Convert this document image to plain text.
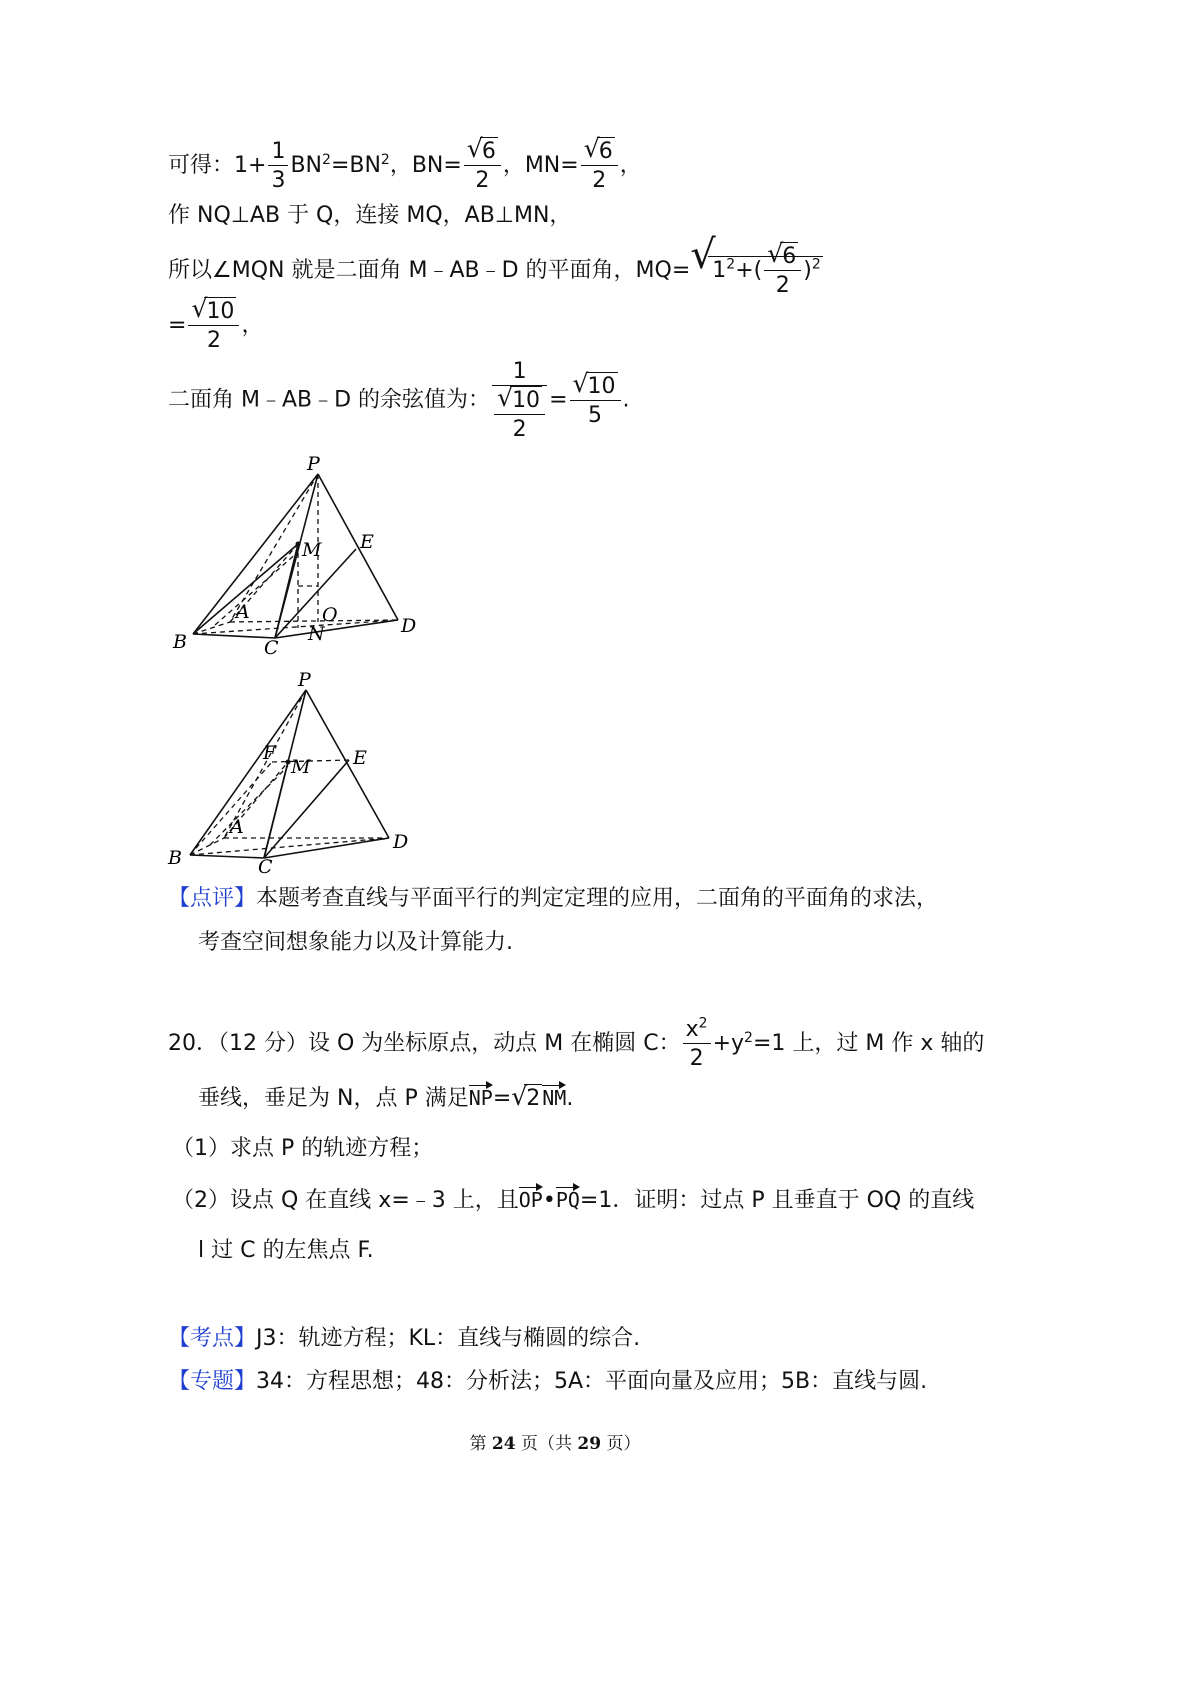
可得：$1+ \frac{1}{3} BN^2=BN^2$，BN= √
6
2 ，MN= √
6
2 ，
作 NQ⊥AB 于 Q，连接 MQ，AB⊥MN，
所以∠MQN 就是二面角 M﹣AB﹣D 的平面角，MQ= √
$1^2+$( √
6
2 )$^2$
= √
10
2 ，
二面角 M﹣AB﹣D 的余弦值为： 1
√
10
2 = √
10
5 .
P
M E
A	O
B	C
N	D
P
F
M E
A
B	C
D
【点评】本题考查直线与平面平行的判定定理的应用，二面角的平面角的求法，
考查空间想象能力以及计算能力.
20．（12 分）设 O 为坐标原点，动点 M 在椭圆 C： $\frac{x^2}{2} +y^2=1$ 上，过 M 作 x 轴的
垂线，垂足为 N，点 P 满足NP= √
2 NM.
（1）求点 P 的轨迹方程；
（2）设点 Q 在直线 x=﹣3 上，且OP•PQ=1．证明：过点 P 且垂直于 OQ 的直线
l 过 C 的左焦点 F.
【考点】J3：轨迹方程；KL：直线与椭圆的综合.
【专题】34：方程思想；48：分析法；5A：平面向量及应用；5B：直线与圆.
第 24 页（共 29 页）
